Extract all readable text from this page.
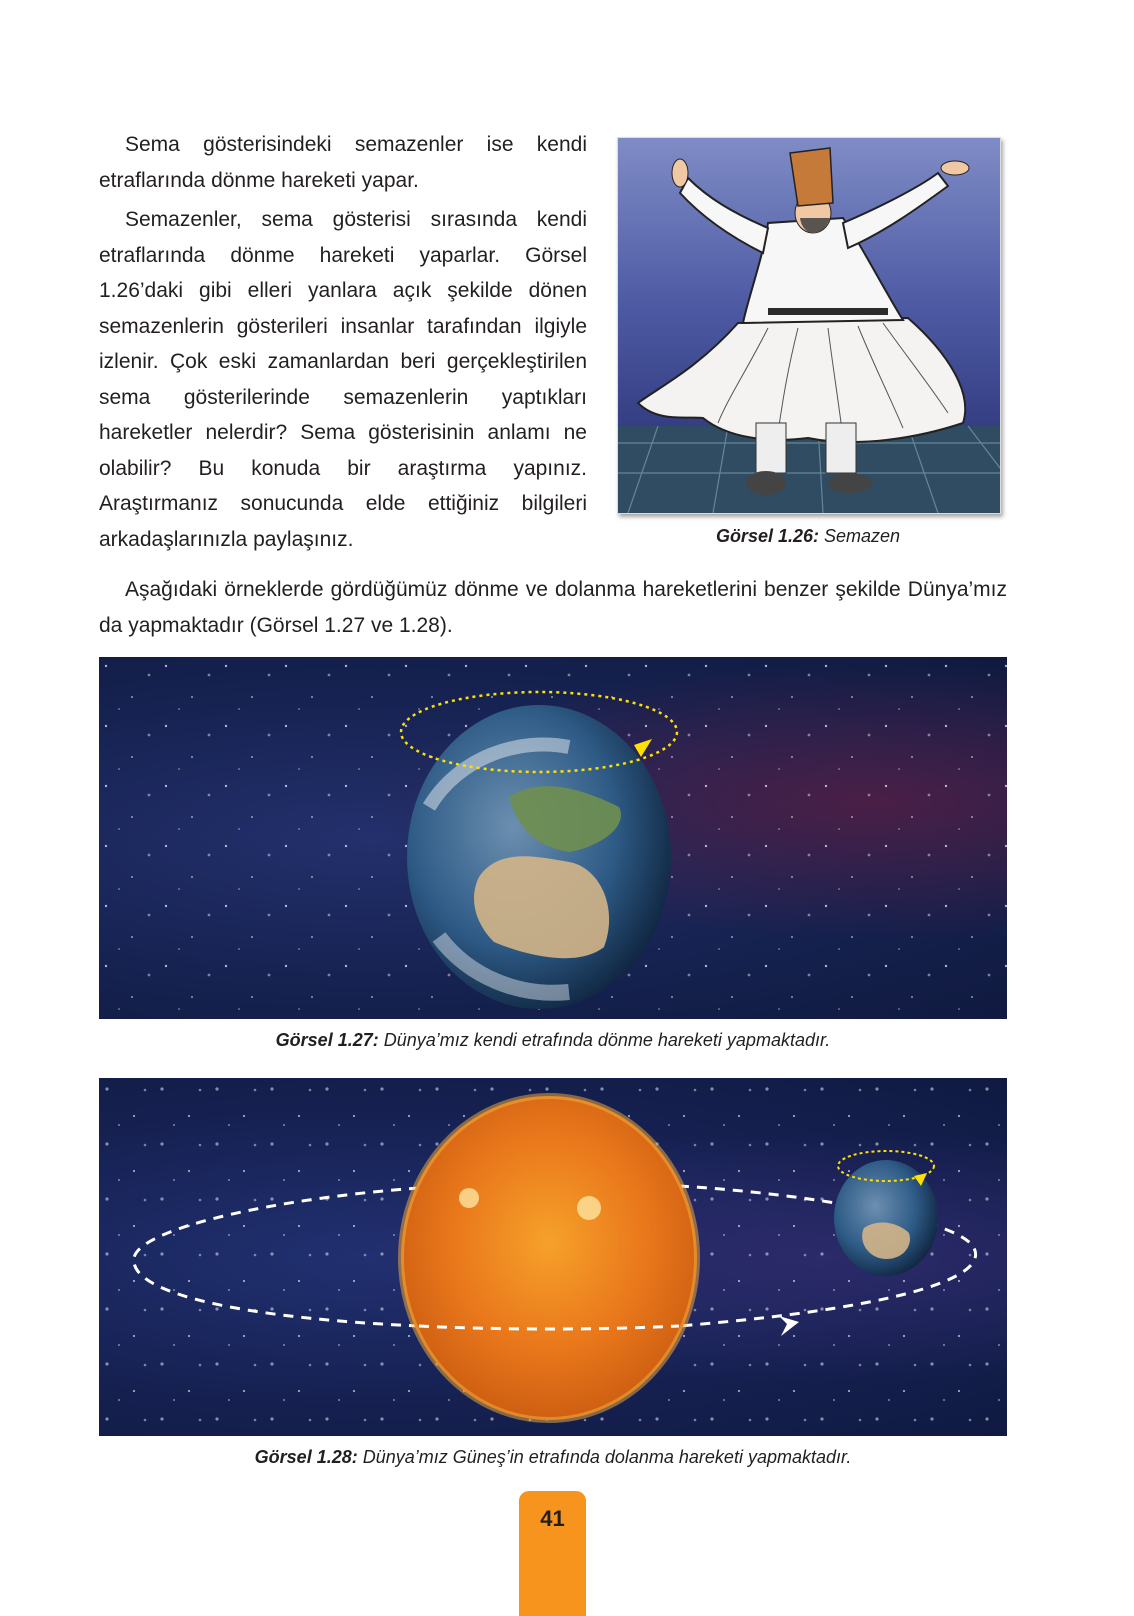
Sema gösterisindeki semazenler ise kendi etraflarında dönme hareketi yapar.

Semazenler, sema gösterisi sırasında kendi etraflarında dönme hareketi yaparlar. Görsel 1.26’daki gibi elleri yanlara açık şekilde dönen semazenlerin gösterileri insanlar tarafından ilgiyle izlenir. Çok eski zamanlardan beri gerçekleştirilen sema gösterilerinde semazenlerin yaptıkları hareketler nelerdir? Sema gösterisinin anlamı ne olabilir? Bu konuda bir araştırma yapınız. Araştırmanız sonucunda elde ettiğiniz bilgileri arkadaşlarınızla paylaşınız.	Görsel 1.26: Semazen

Aşağıdaki örneklerde gördüğümüz dönme ve dolanma hareketlerini benzer şekilde Dünya’mız da yapmaktadır (Görsel 1.27 ve 1.28).

Görsel 1.27: Dünya’mız kendi etrafında dönme hareketi yapmaktadır.
Görsel 1.28: Dünya’mız Güneş’in etrafında dolanma hareketi yapmaktadır.
41
